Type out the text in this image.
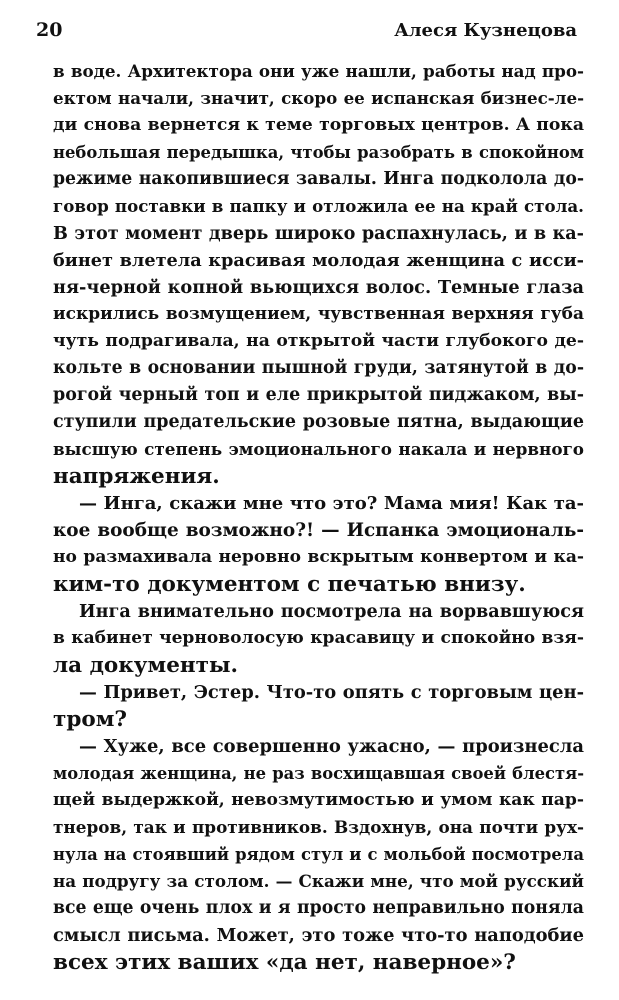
20	Алеся Кузнецова
в воде. Архитектора они уже нашли, работы над про-
ектом начали, значит, скоро ее испанская бизнес-ле-
ди снова вернется к теме торговых центров. А пока
небольшая передышка, чтобы разобрать в спокойном
режиме накопившиеся завалы. Инга подколола до-
говор поставки в папку и отложила ее на край стола.
В этот момент дверь широко распахнулась, и в ка-
бинет влетела красивая молодая женщина с исси-
ня-черной копной вьющихся волос. Темные глаза
искрились возмущением, чувственная верхняя губа
чуть подрагивала, на открытой части глубокого де-
кольте в основании пышной груди, затянутой в до-
рогой черный топ и еле прикрытой пиджаком, вы-
ступили предательские розовые пятна, выдающие
высшую степень эмоционального накала и нервного
напряжения.
— Инга, скажи мне что это? Мама мия! Как та-
кое вообще возможно?! — Испанка эмоциональ-
но размахивала неровно вскрытым конвертом и ка-
ким-то документом с печатью внизу.
Инга внимательно посмотрела на ворвавшуюся
в кабинет черноволосую красавицу и спокойно взя-
ла документы.
— Привет, Эстер. Что-то опять с торговым цен-
тром?
— Хуже, все совершенно ужасно, — произнесла
молодая женщина, не раз восхищавшая своей блестя-
щей выдержкой, невозмутимостью и умом как пар-
тнеров, так и противников. Вздохнув, она почти рух-
нула на стоявший рядом стул и с мольбой посмотрела
на подругу за столом. — Скажи мне, что мой русский
все еще очень плох и я просто неправильно поняла
смысл письма. Может, это тоже что-то наподобие
всех этих ваших «да нет, наверное»?
